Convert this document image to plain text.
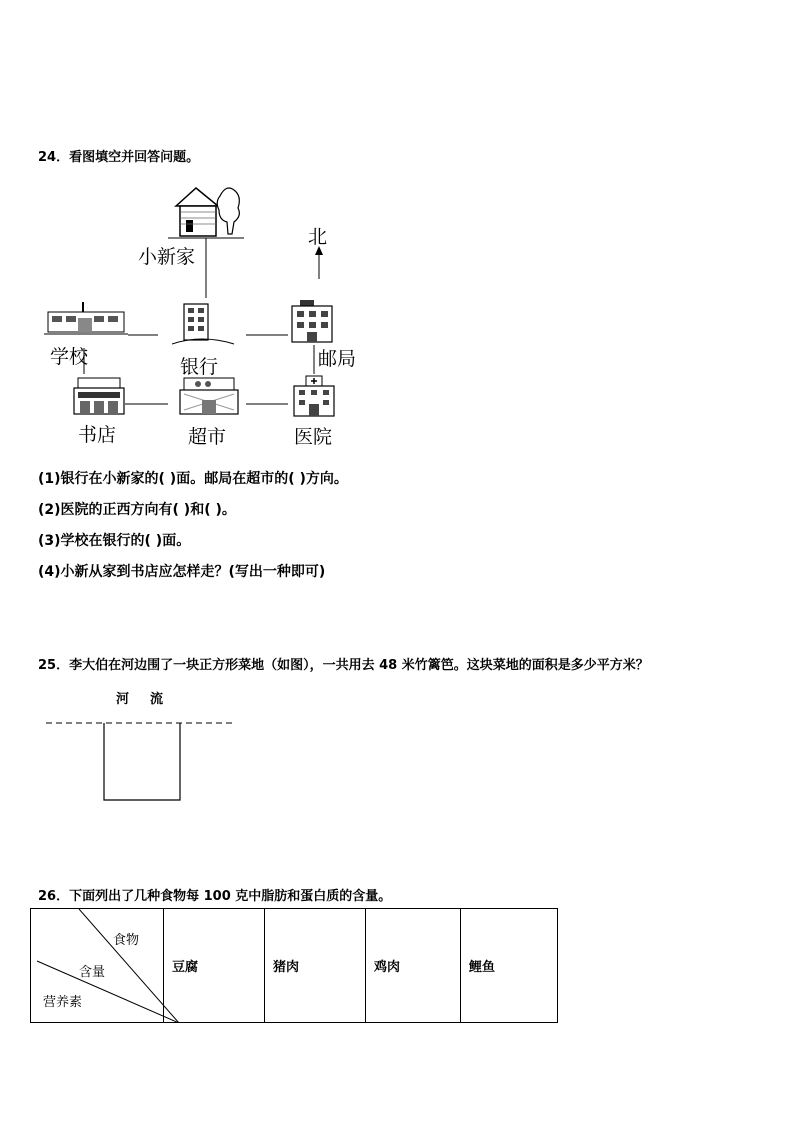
24．看图填空并回答问题。
小新家
北
学校	银行	邮局
书店	超市	医院
(1)银行在小新家的( )面。邮局在超市的( )方向。
(2)医院的正西方向有( )和( )。
(3)学校在银行的( )面。
(4)小新从家到书店应怎样走？(写出一种即可)
25．李大伯在河边围了一块正方形菜地（如图），一共用去 48 米竹篱笆。这块菜地的面积是多少平方米？
河 流
26．下面列出了几种食物每 100 克中脂肪和蛋白质的含量。
食物
含量
营养素
	豆腐	猪肉	鸡肉	鲤鱼
